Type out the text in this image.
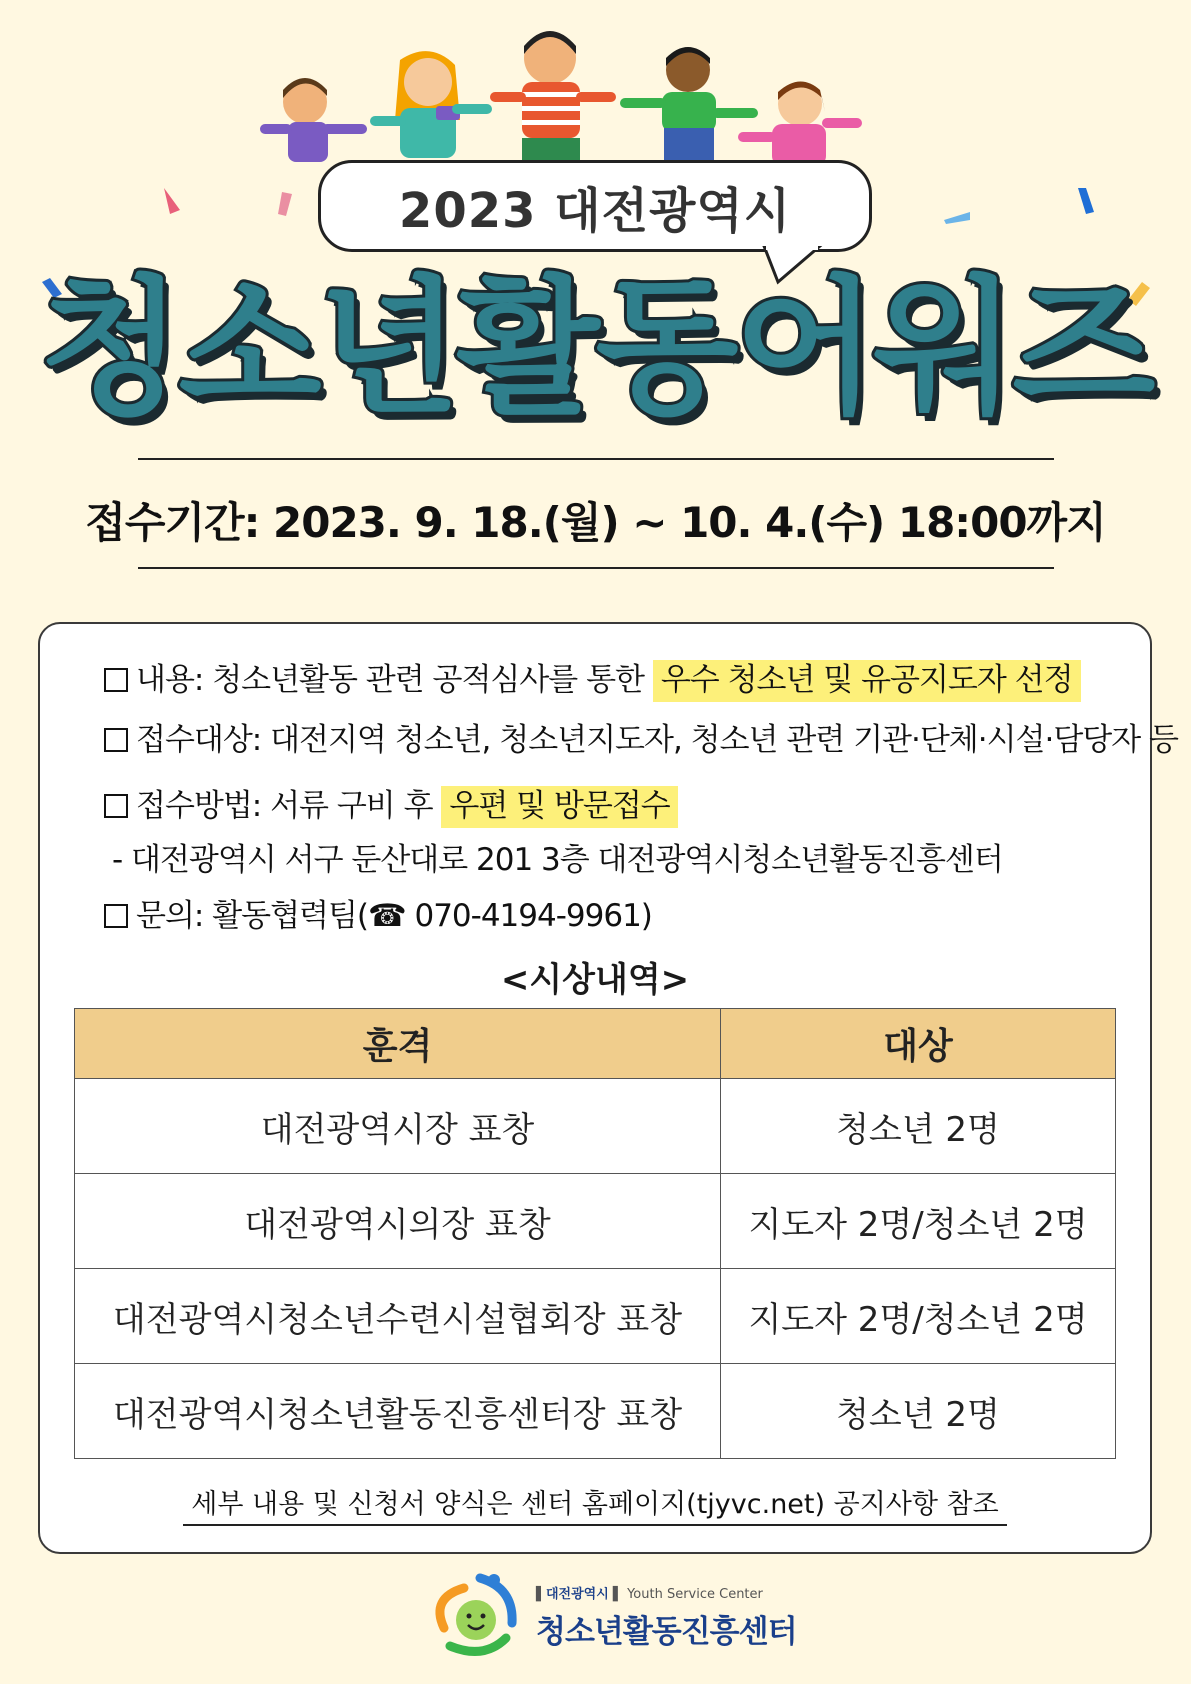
2023 대전광역시
청소년활동어워즈
접수기간: 2023. 9. 18.(월) ~ 10. 4.(수) 18:00까지
내용: 청소년활동 관련 공적심사를 통한 우수 청소년 및 유공지도자 선정
접수대상: 대전지역 청소년, 청소년지도자, 청소년 관련 기관·단체·시설·담당자 등
접수방법: 서류 구비 후 우편 및 방문접수
- 대전광역시 서구 둔산대로 201 3층 대전광역시청소년활동진흥센터
문의: 활동협력팀(☎ 070-4194-9961)
<시상내역>
훈격	대상
대전광역시장 표창	청소년 2명
대전광역시의장 표창	지도자 2명/청소년 2명
대전광역시청소년수련시설협회장 표창	지도자 2명/청소년 2명
대전광역시청소년활동진흥센터장 표창	청소년 2명
세부 내용 및 신청서 양식은 센터 홈페이지(tjyvc.net) 공지사항 참조
▌대전광역시 ▌ Youth Service Center
청소년활동진흥센터
